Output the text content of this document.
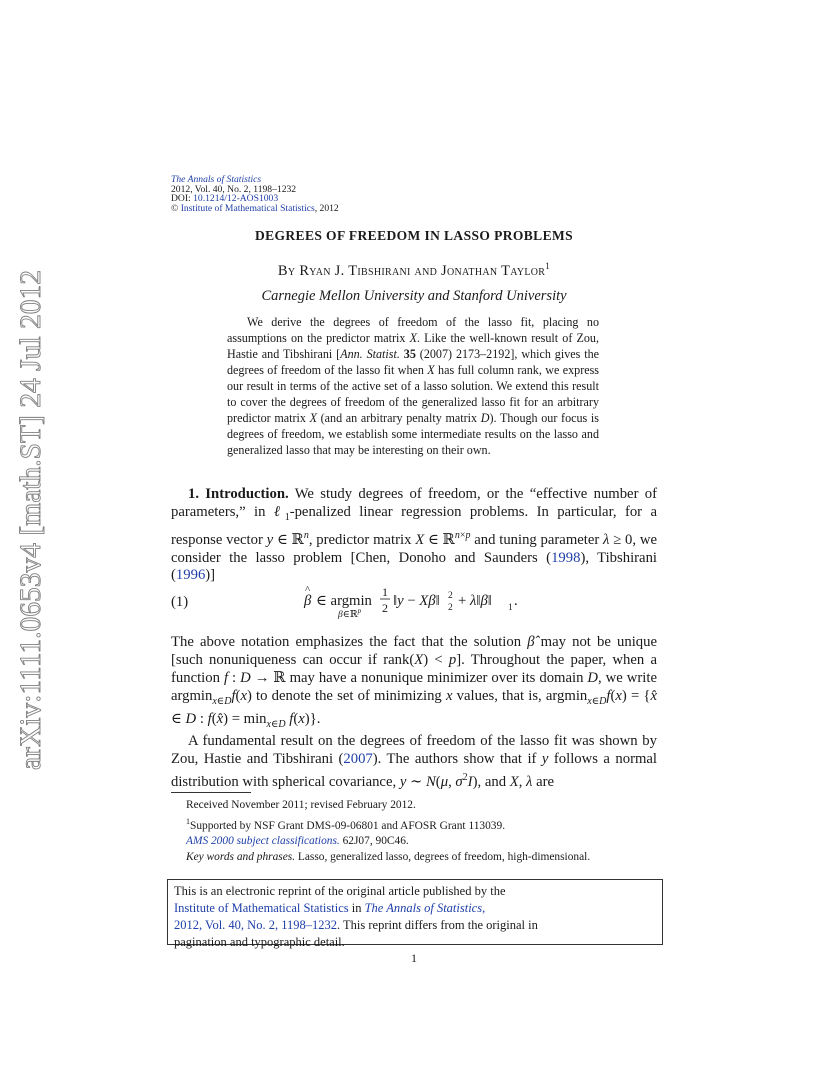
arXiv:1111.0653v4 [math.ST] 24 Jul 2012
The Annals of Statistics
2012, Vol. 40, No. 2, 1198–1232
DOI: 10.1214/12-AOS1003
© Institute of Mathematical Statistics, 2012
DEGREES OF FREEDOM IN LASSO PROBLEMS
By Ryan J. Tibshirani and Jonathan Taylor$^1$
Carnegie Mellon University and Stanford University

We derive the degrees of freedom of the lasso fit, placing no assumptions on the predictor matrix X. Like the well-known result of Zou, Hastie and Tibshirani [Ann. Statist. 35 (2007) 2173–2192], which gives the degrees of freedom of the lasso fit when X has full column rank, we express our result in terms of the active set of a lasso solution. We extend this result to cover the degrees of freedom of the generalized lasso fit for an arbitrary predictor matrix X (and an arbitrary penalty matrix D). Though our focus is degrees of freedom, we establish some intermediate results on the lasso and generalized lasso that may be interesting on their own.

1. Introduction. We study degrees of freedom, or the “effective number of parameters,” in ℓ$_1$-penalized linear regression problems. In particular, for a response vector y ∈ ℝ$^n$, predictor matrix X ∈ ℝ$^{n\times p}$ and tuning parameter λ ≥ 0, we consider the lasso problem [Chen, Donoho and Saunders (1998), Tibshirani (1996)]

(1)	β
^
∈ argmin
β∈ℝ$^p$
1
2 ‖y − Xβ‖ 2
2 + λ‖β‖ 1 .

The above notation emphasizes the fact that the solution β̂ may not be unique [such nonuniqueness can occur if rank(X) < p]. Throughout the paper, when a function f : D → ℝ may have a nonunique minimizer over its domain D, we write argmin$_{x\in D}$f(x) to denote the set of minimizing x values, that is, argmin$_{x\in D}$f(x) = {x̂ ∈ D : f(x̂) = $\min_{x\in D} f(x)$}.

A fundamental result on the degrees of freedom of the lasso fit was shown by Zou, Hastie and Tibshirani (2007). The authors show that if y follows a normal distribution with spherical covariance, y ∼ N(μ, $\sigma^2I$), and X, λ are

Received November 2011; revised February 2012.
$^1$Supported by NSF Grant DMS-09-06801 and AFOSR Grant 113039.
AMS 2000 subject classifications. 62J07, 90C46.
Key words and phrases. Lasso, generalized lasso, degrees of freedom, high-dimensional.
This is an electronic reprint of the original article published by the
Institute of Mathematical Statistics in The Annals of Statistics,
2012, Vol. 40, No. 2, 1198–1232. This reprint differs from the original in
pagination and typographic detail.
1
